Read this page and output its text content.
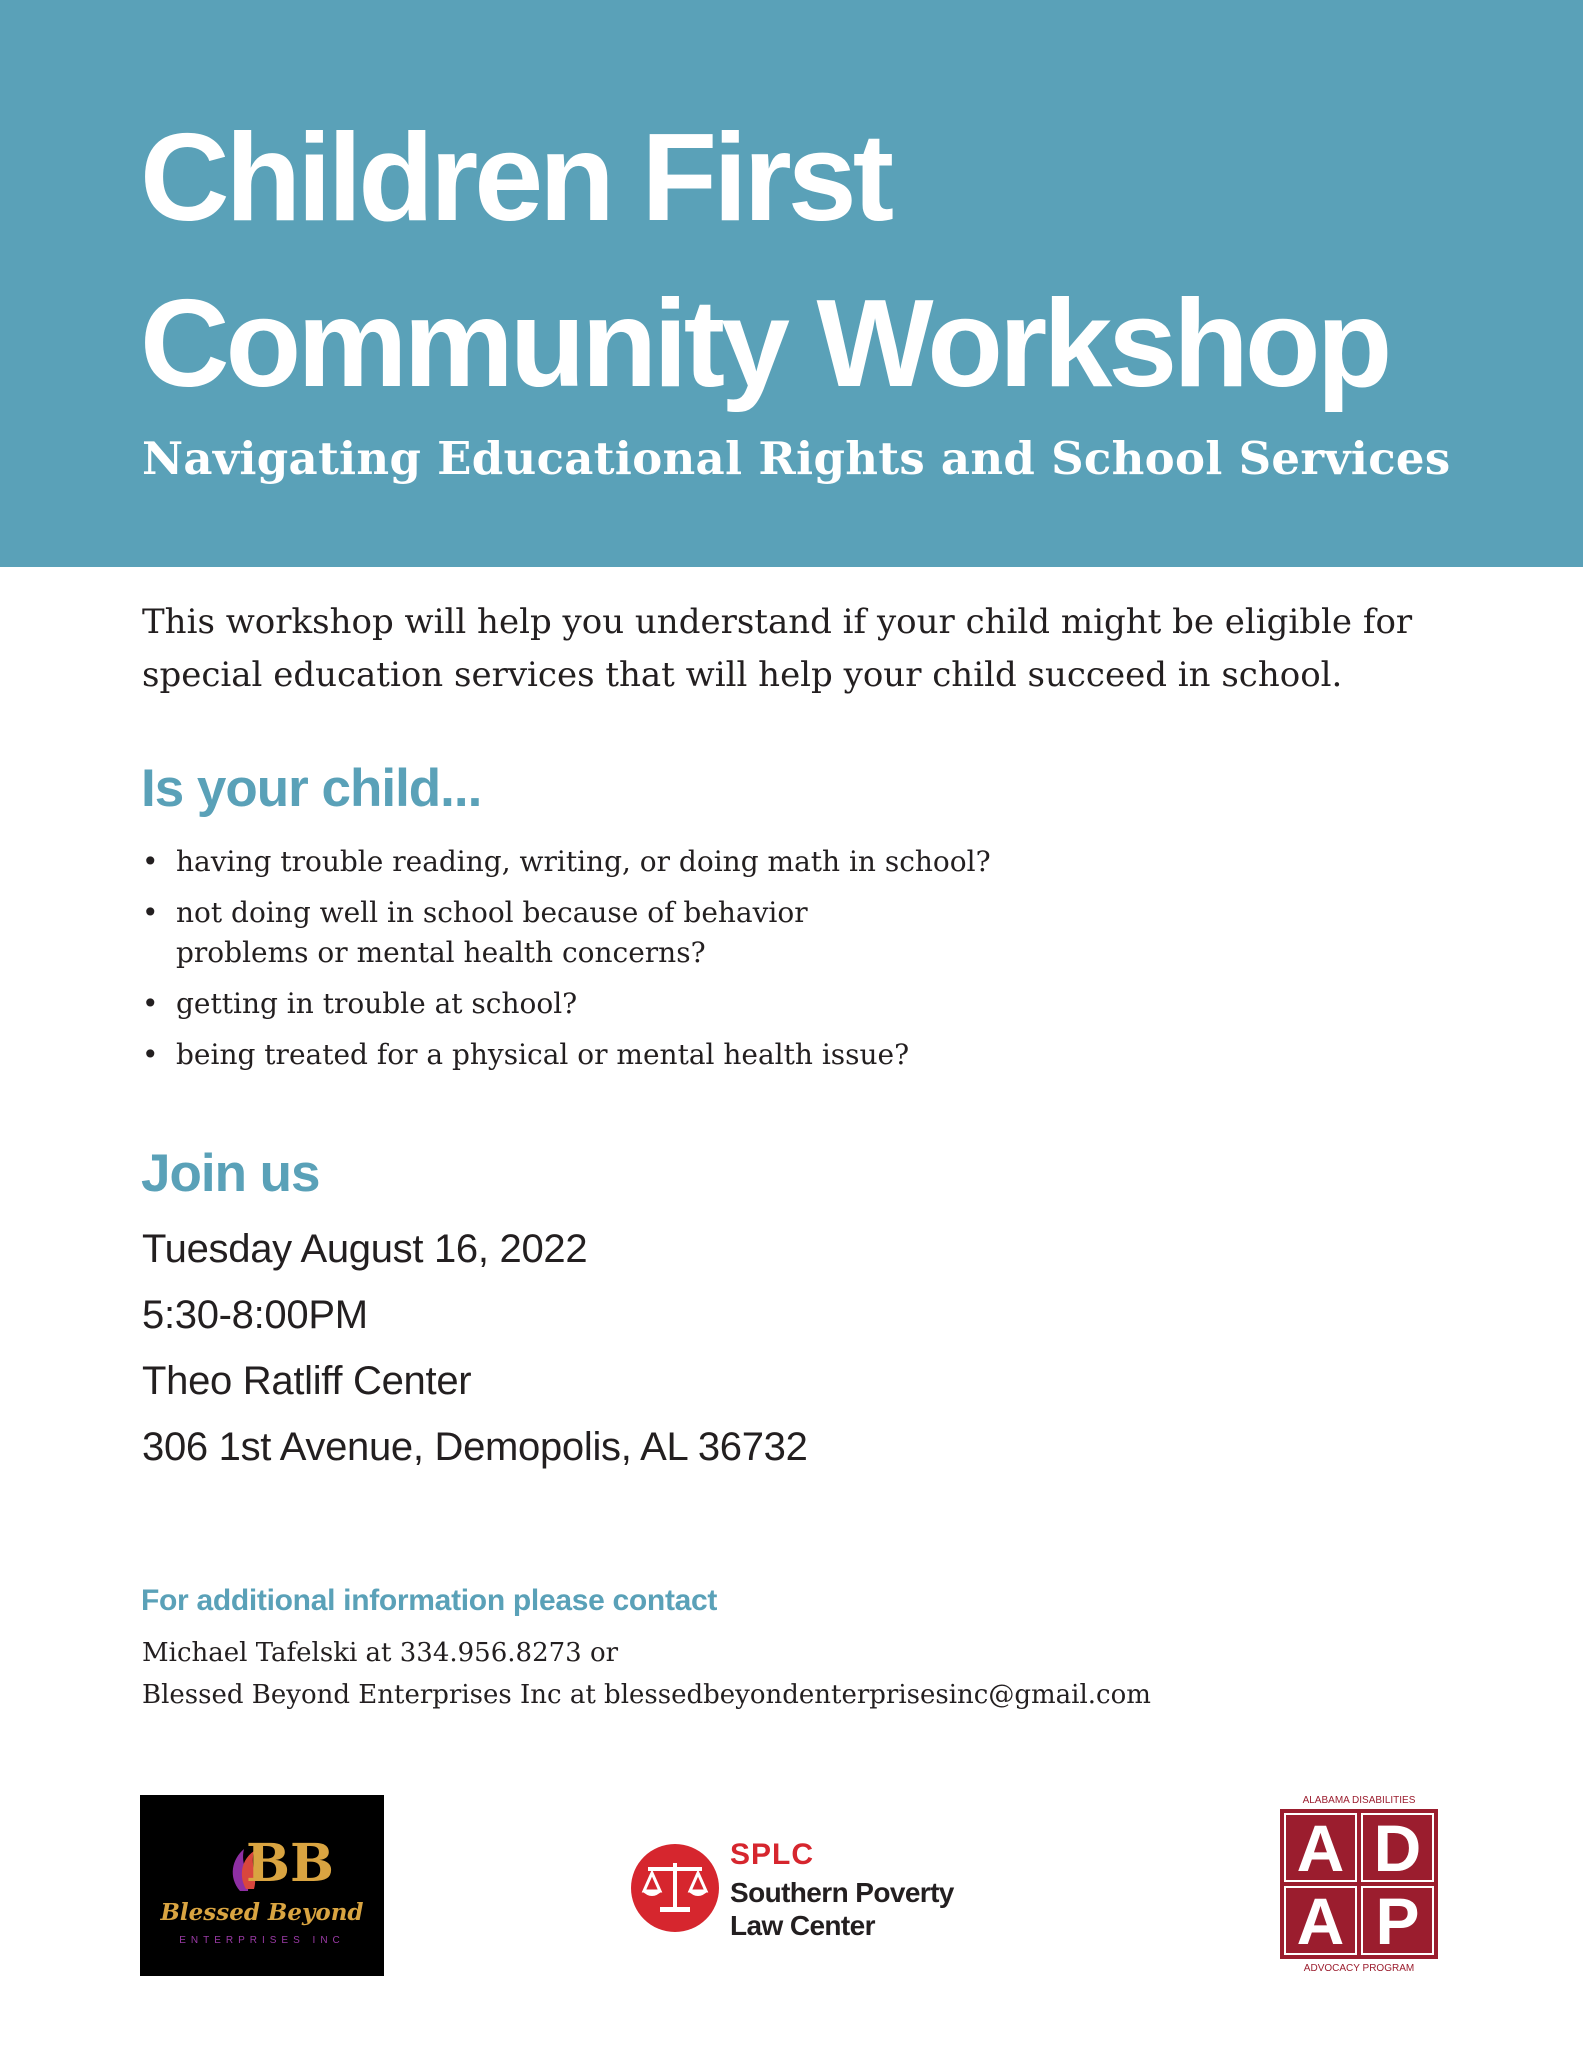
Children First
Community Workshop
Navigating Educational Rights and School Services

This workshop will help you understand if your child might be eligible for special education services that will help your child succeed in school.

Is your child...
• having trouble reading, writing, or doing math in school?
• not doing well in school because of behavior problems or mental health concerns?
• getting in trouble at school?
• being treated for a physical or mental health issue?
Join us
Tuesday August 16, 2022
5:30-8:00PM
Theo Ratliff Center
306 1st Avenue, Demopolis, AL 36732
For additional information please contact
Michael Tafelski at 334.956.8273 or
Blessed Beyond Enterprises Inc at blessedbeyondenterprisesinc@gmail.com
BB
Blessed Beyond
ENTERPRISES INC
SPLC
Southern Poverty
Law Center
ALABAMA DISABILITIES
A D
A P
ADVOCACY PROGRAM
